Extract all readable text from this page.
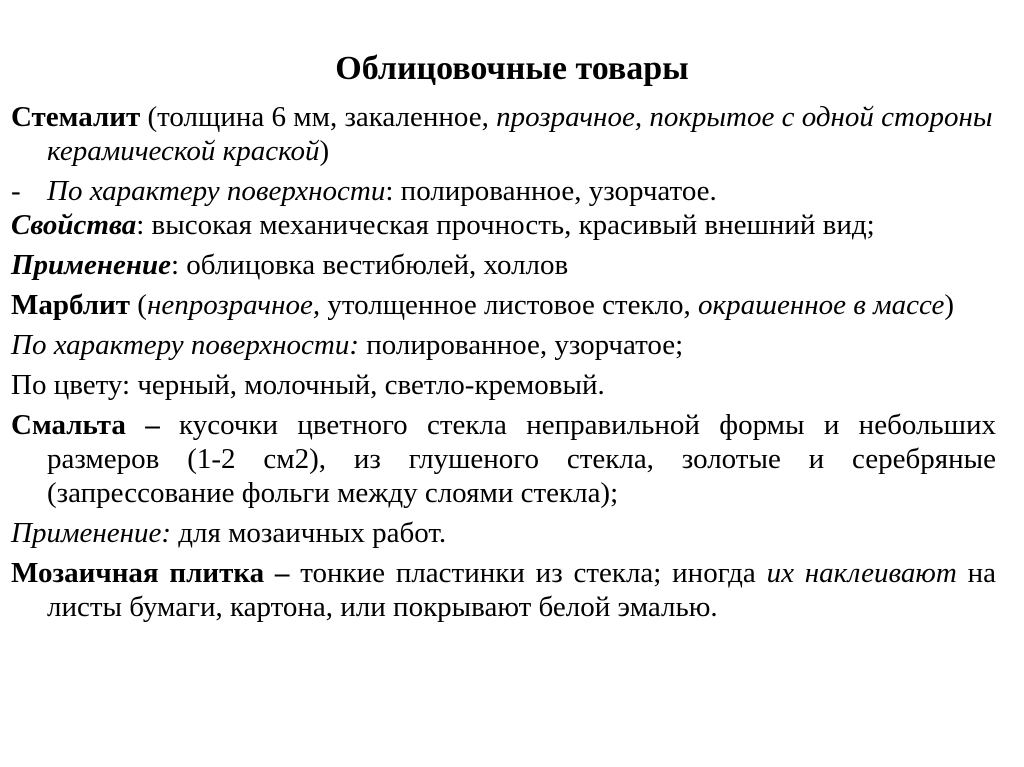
Облицовочные товары

Стемалит (толщина 6 мм, закаленное, прозрачное, покрытое с одной стороны керамической краской)

- По характеру поверхности: полированное, узорчатое.

Свойства: высокая механическая прочность, красивый внешний вид;

Применение: облицовка вестибюлей, холлов

Марблит (непрозрачное, утолщенное листовое стекло, окрашенное в массе)

По характеру поверхности: полированное, узорчатое;

По цвету: черный, молочный, светло-кремовый.

Смальта – кусочки цветного стекла неправильной формы и небольших размеров (1-2 см2), из глушеного стекла, золотые и серебряные (запрессование фольги между слоями стекла);

Применение: для мозаичных работ.

Мозаичная плитка – тонкие пластинки из стекла; иногда их наклеивают на листы бумаги, картона, или покрывают белой эмалью.
